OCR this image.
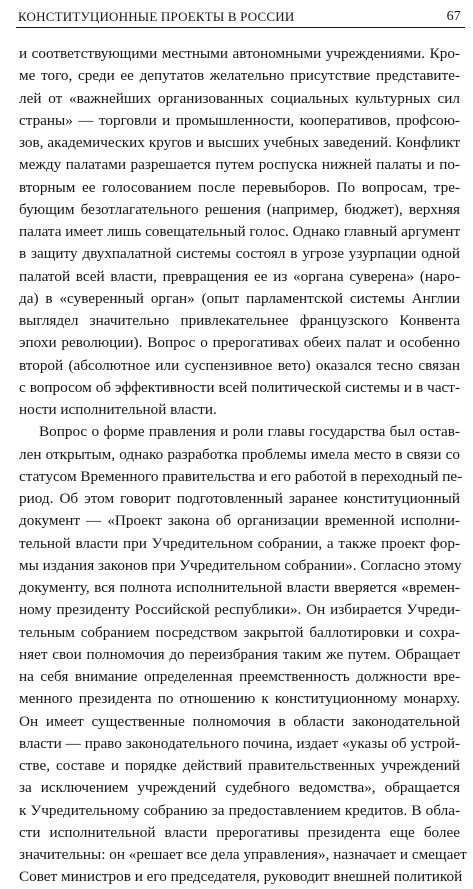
КОНСТИТУЦИОННЫЕ ПРОЕКТЫ В РОССИИ	67
и соответствующими местными автономными учреждениями. Кро-
ме того, среди ее депутатов желательно присутствие представите-
лей от «важнейших организованных социальных культурных сил
страны» — торговли и промышленности, кооперативов, профсою-
зов, академических кругов и высших учебных заведений. Конфликт
между палатами разрешается путем роспуска нижней палаты и по-
вторным ее голосованием после перевыборов. По вопросам, тре-
бующим безотлагательного решения (например, бюджет), верхняя
палата имеет лишь совещательный голос. Однако главный аргумент
в защиту двухпалатной системы состоял в угрозе узурпации одной
палатой всей власти, превращения ее из «органа суверена» (наро-
да) в «суверенный орган» (опыт парламентской системы Англии
выглядел значительно привлекательнее французского Конвента
эпохи революции). Вопрос о прерогативах обеих палат и особенно
второй (абсолютное или суспензивное вето) оказался тесно связан
с вопросом об эффективности всей политической системы и в част-
ности исполнительной власти.
Вопрос о форме правления и роли главы государства был остав-
лен открытым, однако разработка проблемы имела место в связи со
статусом Временного правительства и его работой в переходный пе-
риод. Об этом говорит подготовленный заранее конституционный
документ — «Проект закона об организации временной исполни-
тельной власти при Учредительном собрании, а также проект фор-
мы издания законов при Учредительном собрании». Согласно этому
документу, вся полнота исполнительной власти вверяется «времен-
ному президенту Российской республики». Он избирается Учреди-
тельным собранием посредством закрытой баллотировки и сохра-
няет свои полномочия до переизбрания таким же путем. Обращает
на себя внимание определенная преемственность должности вре-
менного президента по отношению к конституционному монарху.
Он имеет существенные полномочия в области законодательной
власти — право законодательного почина, издает «указы об устрой-
стве, составе и порядке действий правительственных учреждений
за исключением учреждений судебного ведомства», обращается
к Учредительному собранию за предоставлением кредитов. В обла-
сти исполнительной власти прерогативы президента еще более
значительны: он «решает все дела управления», назначает и смещает
Совет министров и его председателя, руководит внешней политикой
